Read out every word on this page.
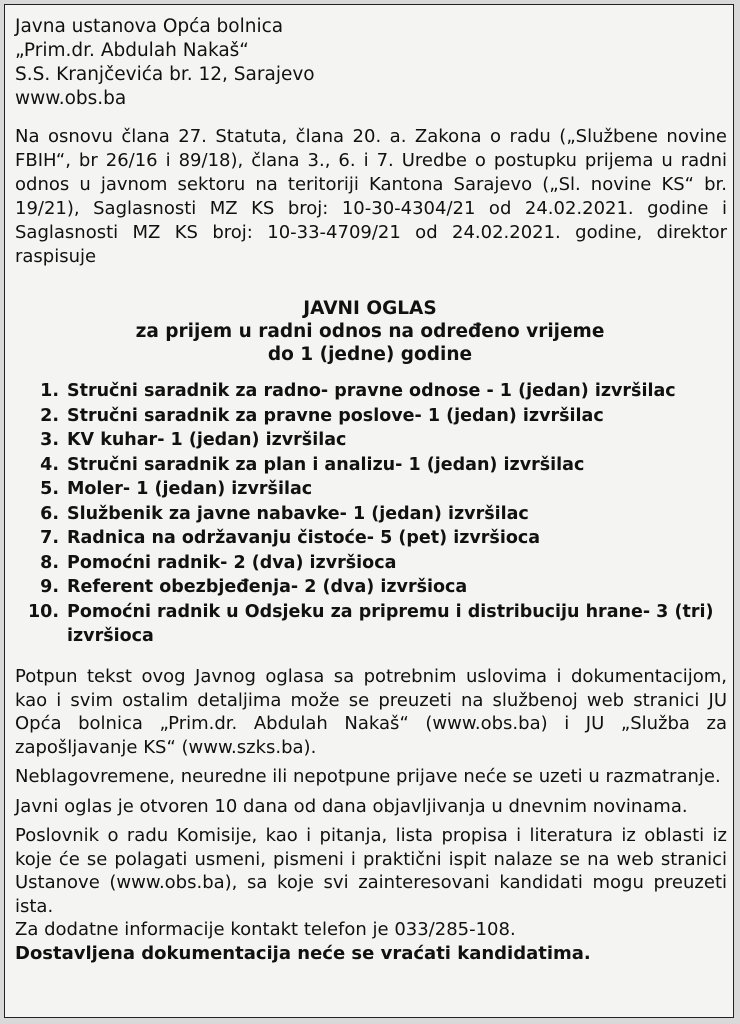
Javna ustanova Opća bolnica
„Prim.dr. Abdulah Nakaš“
S.S. Kranjčevića br. 12, Sarajevo
www.obs.ba
Na osnovu člana 27. Statuta, člana 20. a. Zakona o radu („Službene novine FBIH“, br 26/16 i 89/18), člana 3., 6. i 7. Uredbe o postupku prijema u radni odnos u javnom sektoru na teritoriji Kantona Sarajevo („Sl. novine KS“ br. 19/21), Saglasnosti MZ KS broj: 10-30-4304/21 od 24.02.2021. godine i Saglasnosti MZ KS broj: 10-33-4709/21 od 24.02.2021. godine, direktor raspisuje
JAVNI OGLAS
za prijem u radni odnos na određeno vrijeme
do 1 (jedne) godine
1. Stručni saradnik za radno- pravne odnose - 1 (jedan) izvršilac
2. Stručni saradnik za pravne poslove- 1 (jedan) izvršilac
3. KV kuhar- 1 (jedan) izvršilac
4. Stručni saradnik za plan i analizu- 1 (jedan) izvršilac
5. Moler- 1 (jedan) izvršilac
6. Službenik za javne nabavke- 1 (jedan) izvršilac
7. Radnica na održavanju čistoće- 5 (pet) izvršioca
8. Pomoćni radnik- 2 (dva) izvršioca
9. Referent obezbjeđenja- 2 (dva) izvršioca
10. Pomoćni radnik u Odsjeku za pripremu i distribuciju hrane- 3 (tri) izvršioca

Potpun tekst ovog Javnog oglasa sa potrebnim uslovima i dokumentacijom, kao i svim ostalim detaljima može se preuzeti na službenoj web stranici JU Opća bolnica „Prim.dr. Abdulah Nakaš“ (www.obs.ba) i JU „Služba za zapošljavanje KS“ (www.szks.ba).

Neblagovremene, neuredne ili nepotpune prijave neće se uzeti u razmatranje.

Javni oglas je otvoren 10 dana od dana objavljivanja u dnevnim novinama.

Poslovnik o radu Komisije, kao i pitanja, lista propisa i literatura iz oblasti iz koje će se polagati usmeni, pismeni i praktični ispit nalaze se na web stranici Ustanove (www.obs.ba), sa koje svi zainteresovani kandidati mogu preuzeti ista.

Za dodatne informacije kontakt telefon je 033/285-108.

Dostavljena dokumentacija neće se vraćati kandidatima.
